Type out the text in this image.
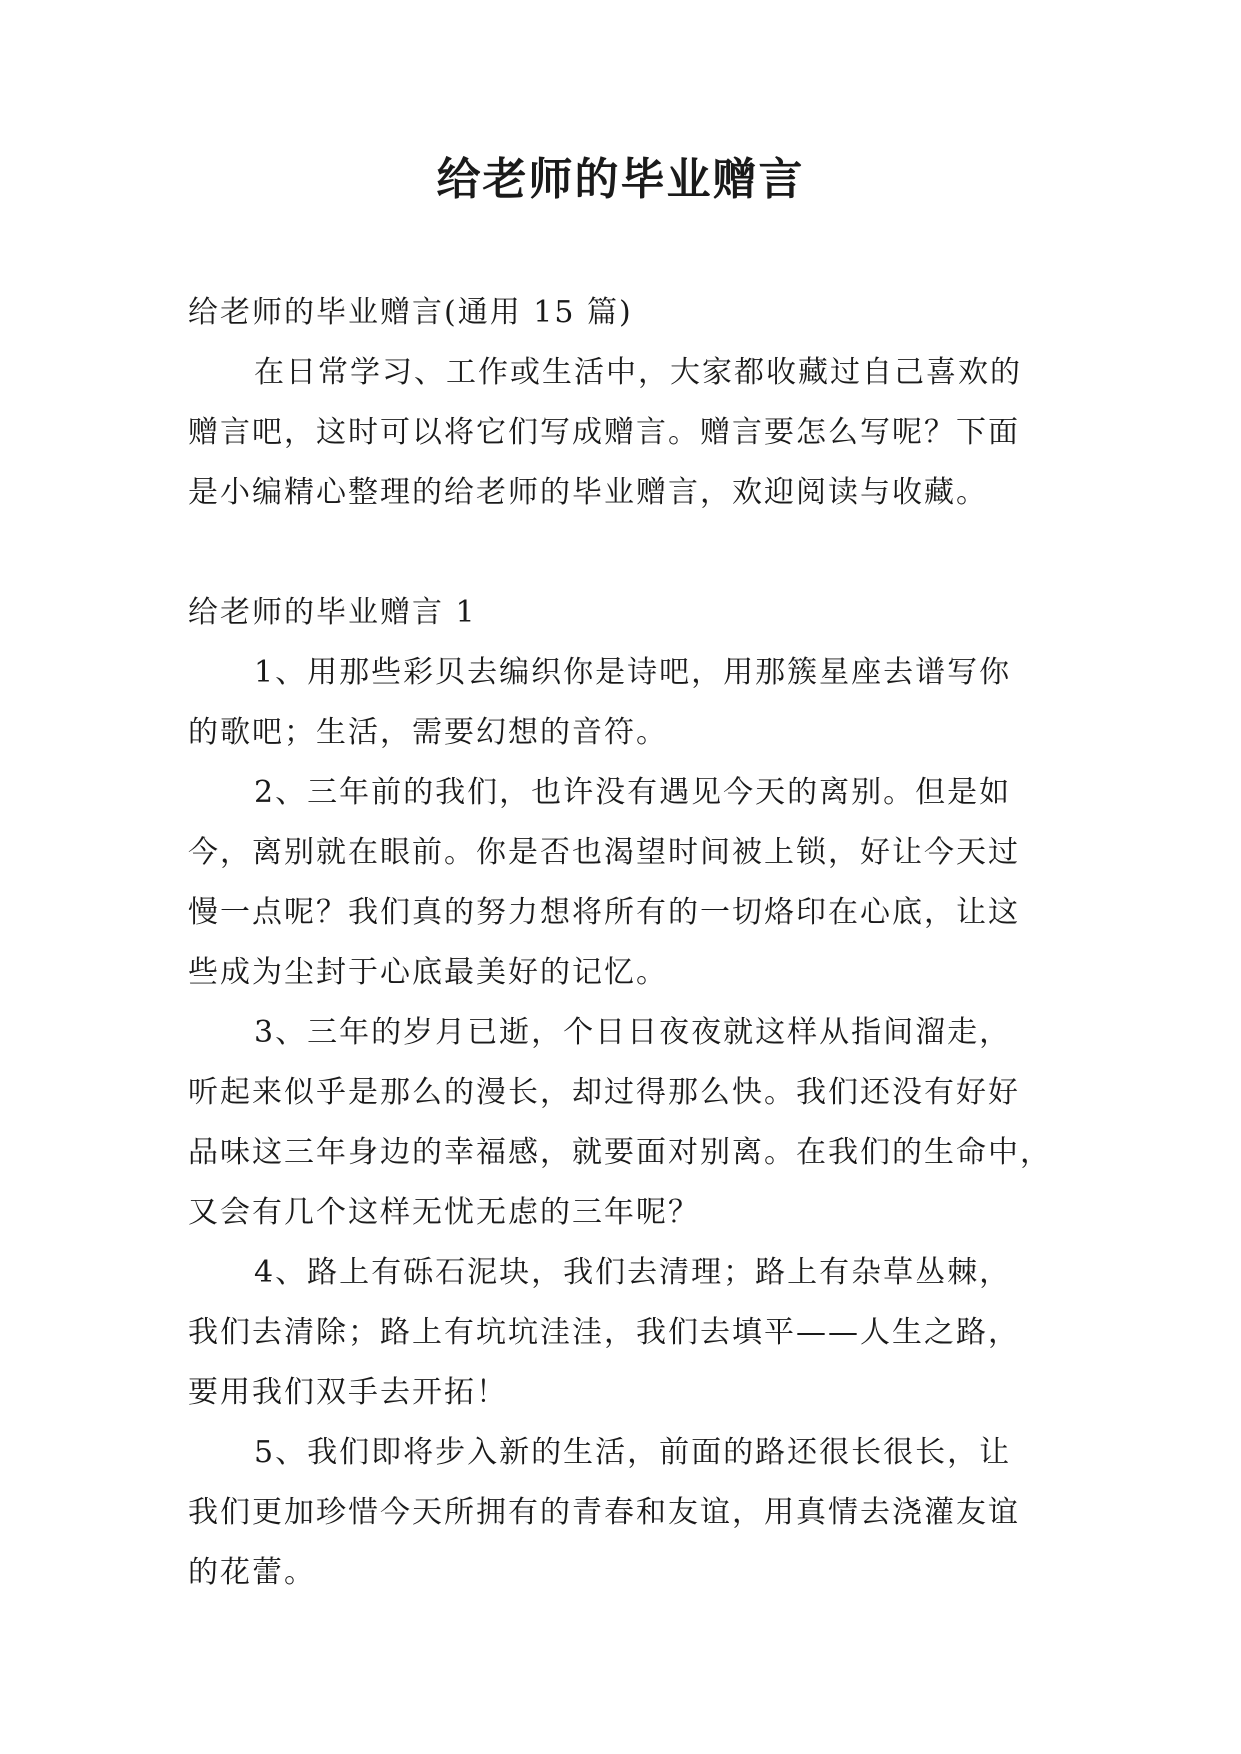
给老师的毕业赠言

给老师的毕业赠言(通用 15 篇)

在日常学习、工作或生活中，大家都收藏过自己喜欢的

赠言吧，这时可以将它们写成赠言。赠言要怎么写呢？下面

是小编精心整理的给老师的毕业赠言，欢迎阅读与收藏。

给老师的毕业赠言 1

1、用那些彩贝去编织你是诗吧，用那簇星座去谱写你

的歌吧；生活，需要幻想的音符。

2、三年前的我们，也许没有遇见今天的离别。但是如

今，离别就在眼前。你是否也渴望时间被上锁，好让今天过

慢一点呢？我们真的努力想将所有的一切烙印在心底，让这

些成为尘封于心底最美好的记忆。

3、三年的岁月已逝，个日日夜夜就这样从指间溜走，

听起来似乎是那么的漫长，却过得那么快。我们还没有好好

品味这三年身边的幸福感，就要面对别离。在我们的生命中，

又会有几个这样无忧无虑的三年呢？

4、路上有砾石泥块，我们去清理；路上有杂草丛棘，

我们去清除；路上有坑坑洼洼，我们去填平——人生之路，

要用我们双手去开拓！

5、我们即将步入新的生活，前面的路还很长很长，让

我们更加珍惜今天所拥有的青春和友谊，用真情去浇灌友谊

的花蕾。
